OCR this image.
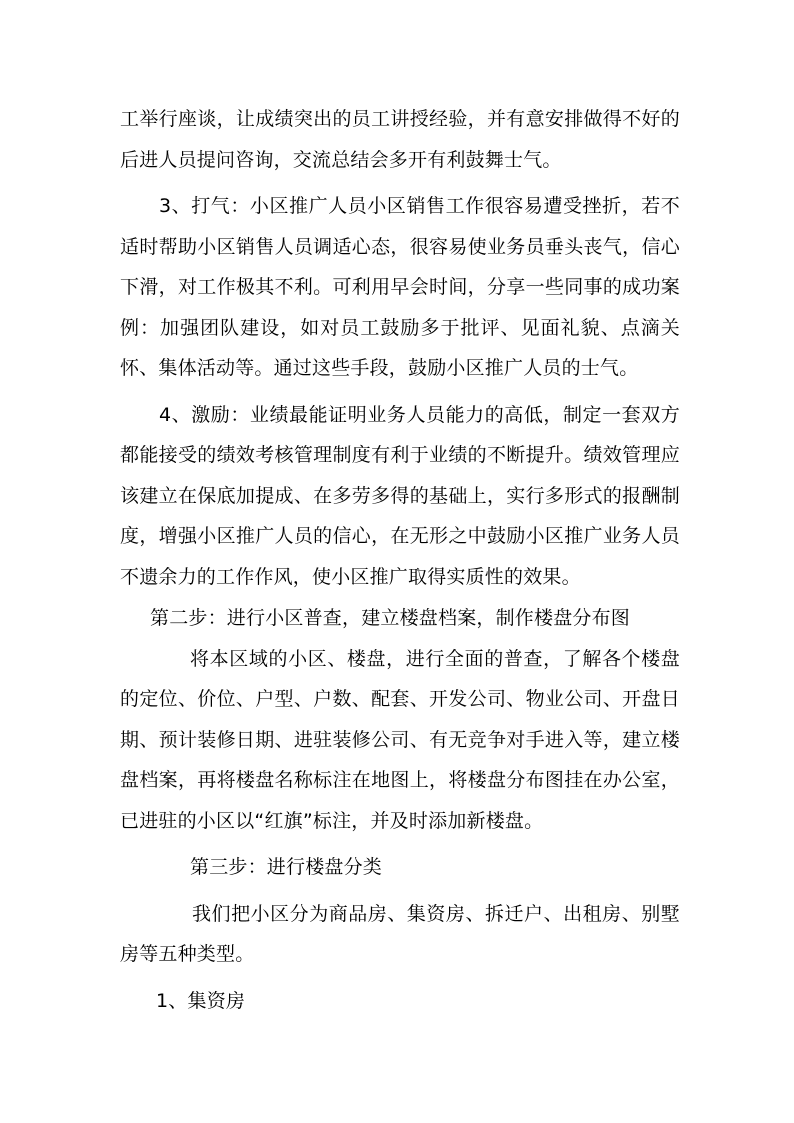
工举行座谈，让成绩突出的员工讲授经验，并有意安排做得不好的后进人员提问咨询，交流总结会多开有利鼓舞士气。

3、打气：小区推广人员小区销售工作很容易遭受挫折，若不适时帮助小区销售人员调适心态，很容易使业务员垂头丧气，信心下滑，对工作极其不利。可利用早会时间，分享一些同事的成功案例：加强团队建设，如对员工鼓励多于批评、见面礼貌、点滴关怀、集体活动等。通过这些手段，鼓励小区推广人员的士气。

4、激励：业绩最能证明业务人员能力的高低，制定一套双方都能接受的绩效考核管理制度有利于业绩的不断提升。绩效管理应该建立在保底加提成、在多劳多得的基础上，实行多形式的报酬制度，增强小区推广人员的信心，在无形之中鼓励小区推广业务人员不遗余力的工作作风，使小区推广取得实质性的效果。

第二步：进行小区普查，建立楼盘档案，制作楼盘分布图

将本区域的小区、楼盘，进行全面的普查，了解各个楼盘的定位、价位、户型、户数、配套、开发公司、物业公司、开盘日期、预计装修日期、进驻装修公司、有无竞争对手进入等，建立楼盘档案，再将楼盘名称标注在地图上，将楼盘分布图挂在办公室，已进驻的小区以“红旗”标注，并及时添加新楼盘。

第三步：进行楼盘分类

我们把小区分为商品房、集资房、拆迁户、出租房、别墅房等五种类型。

1、集资房
